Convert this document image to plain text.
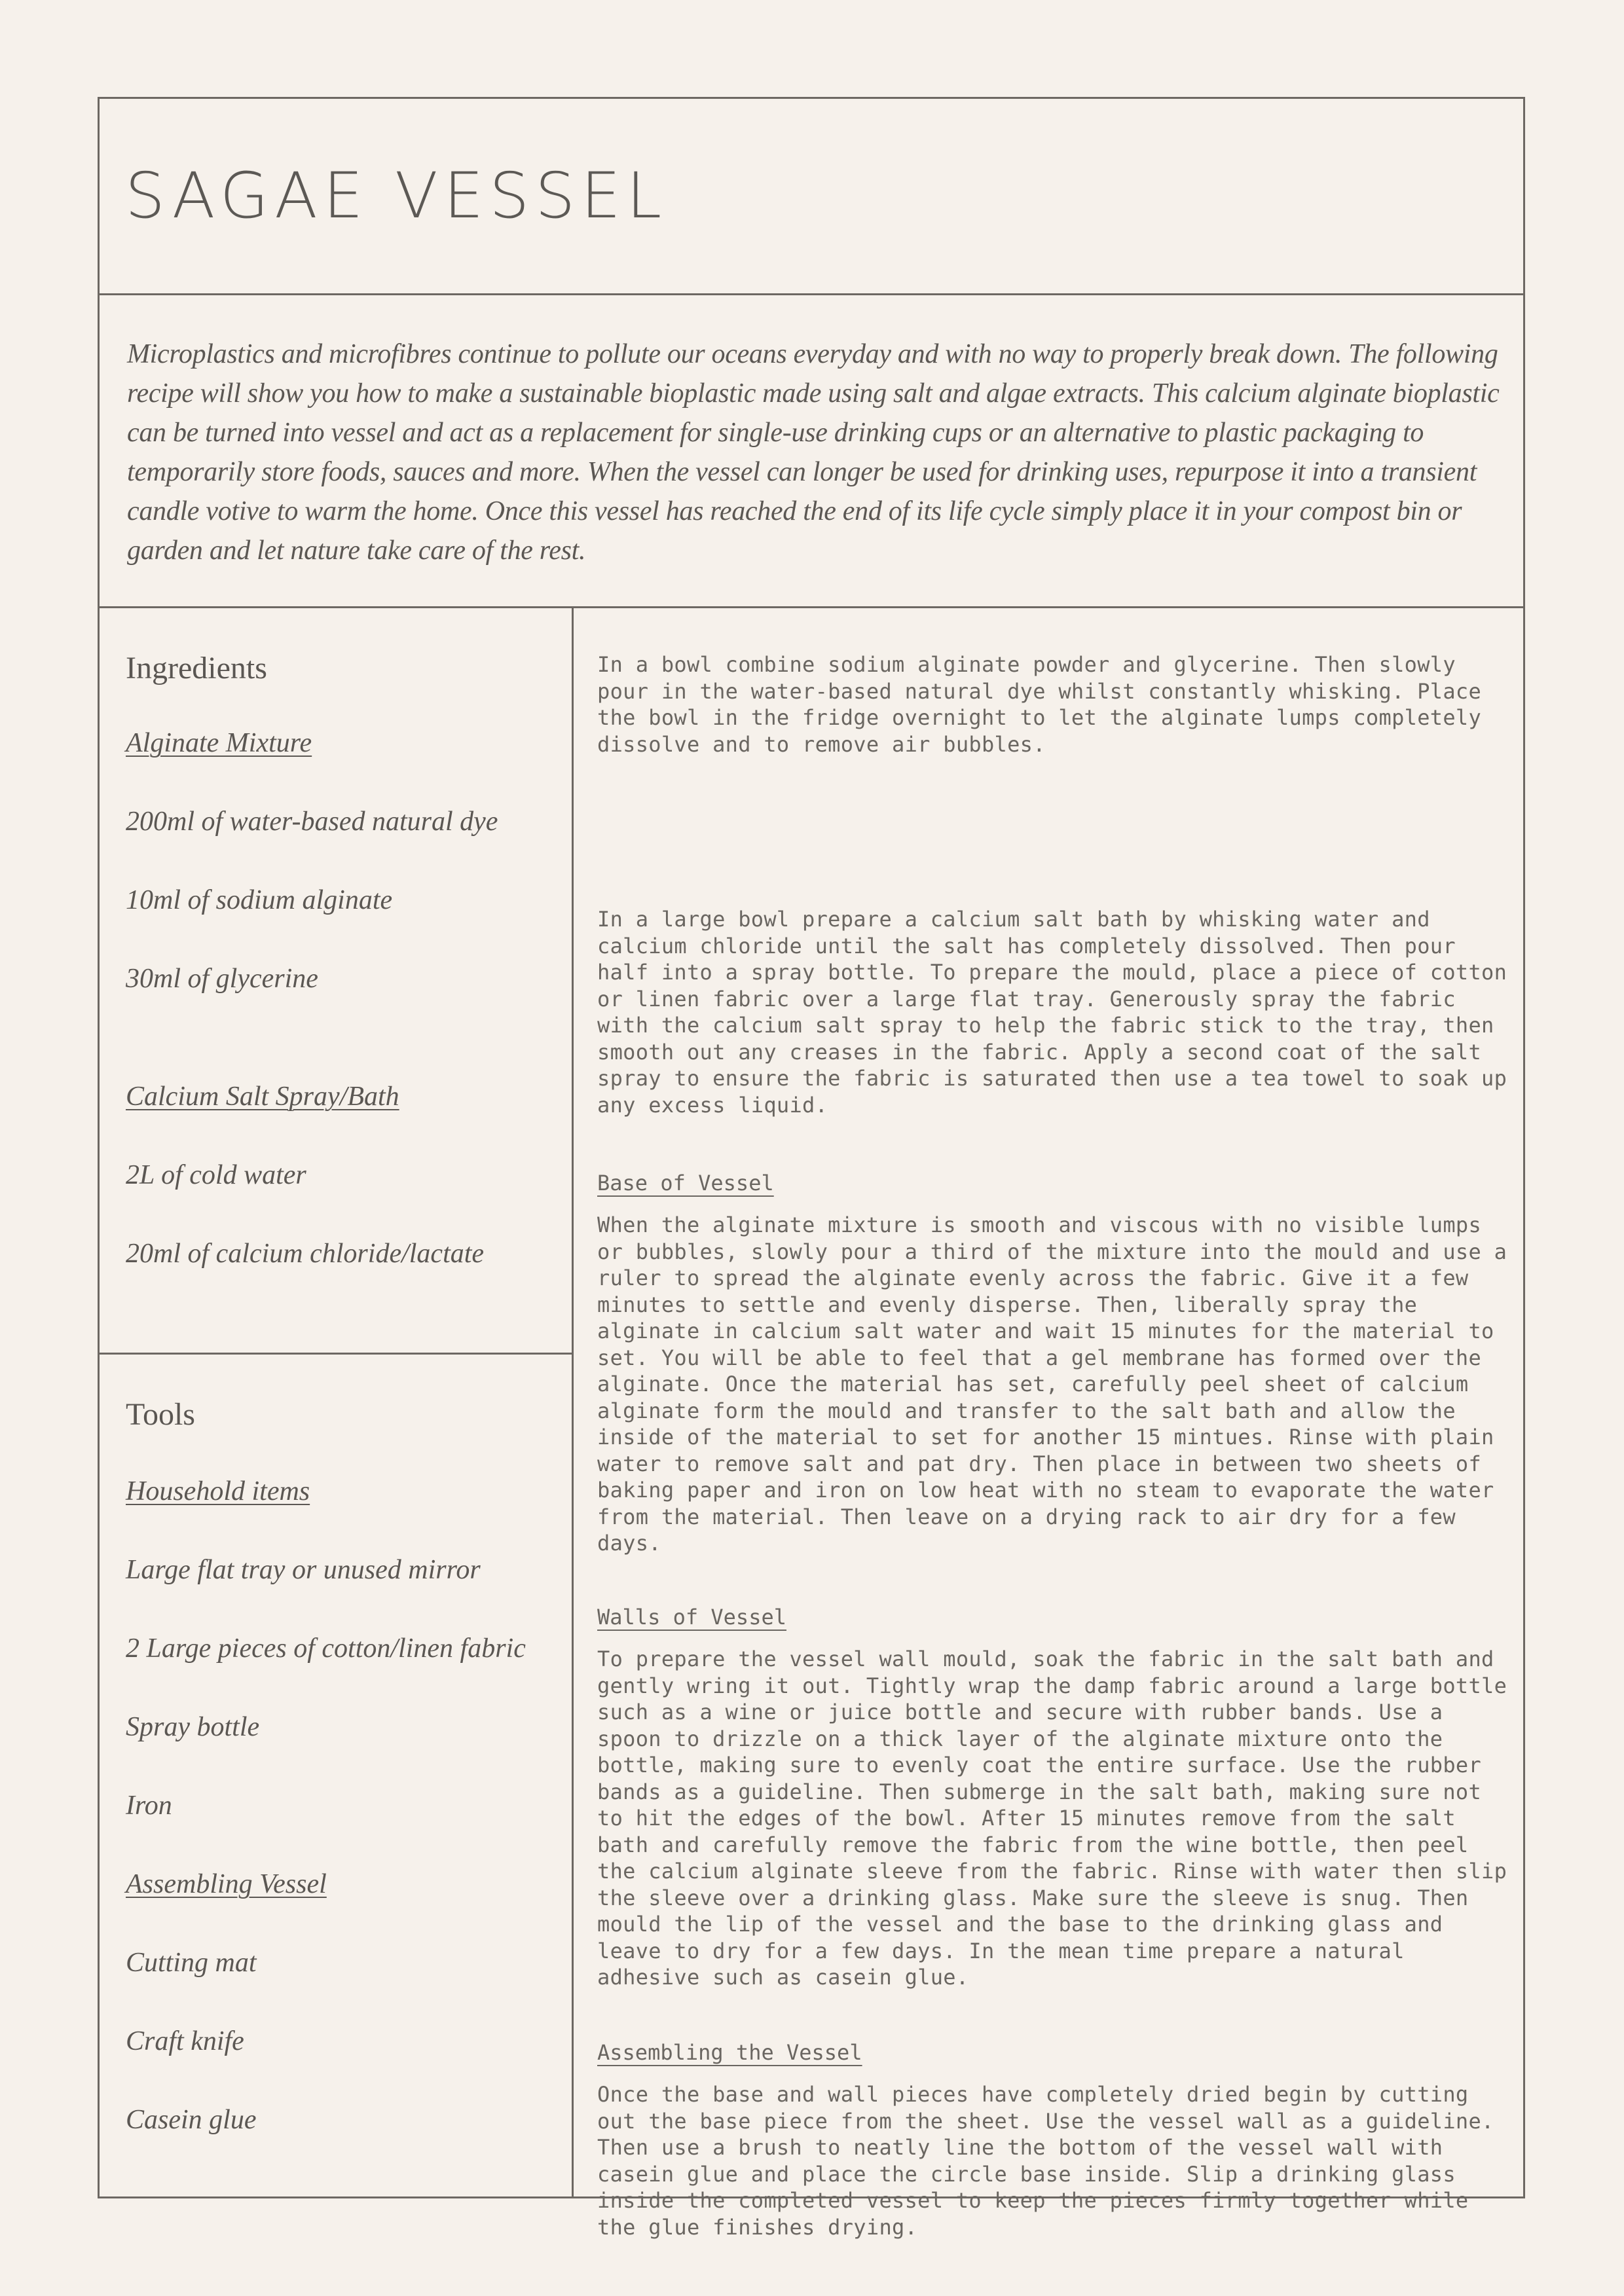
SAGAE VESSEL

Microplastics and microfibres continue to pollute our oceans everyday and with no way to properly break down. The following recipe will show you how to make a sustainable bioplastic made using salt and algae extracts. This calcium alginate bioplastic can be turned into vessel and act as a replacement for single-use drinking cups or an alternative to plastic packaging to temporarily store foods, sauces and more. When the vessel can longer be used for drinking uses, repurpose it into a transient candle votive to warm the home. Once this vessel has reached the end of its life cycle simply place it in your compost bin or garden and let nature take care of the rest.

Ingredients
Alginate Mixture
200ml of water-based natural dye
10ml of sodium alginate
30ml of glycerine
Calcium Salt Spray/Bath
2L of cold water
20ml of calcium chloride/lactate
Tools
Household items
Large flat tray or unused mirror
2 Large pieces of cotton/linen fabric
Spray bottle
Iron
Assembling Vessel
Cutting mat
Craft knife
Casein glue

In a bowl combine sodium alginate powder and glycerine. Then slowly pour in the water-based natural dye whilst constantly whisking. Place the bowl in the fridge overnight to let the alginate lumps completely dissolve and to remove air bubbles.

In a large bowl prepare a calcium salt bath by whisking water and calcium chloride until the salt has completely dissolved. Then pour half into a spray bottle. To prepare the mould, place a piece of cotton or linen fabric over a large flat tray. Generously spray the fabric with the calcium salt spray to help the fabric stick to the tray, then smooth out any creases in the fabric. Apply a second coat of the salt spray to ensure the fabric is saturated then use a tea towel to soak up any excess liquid.

Base of Vessel

When the alginate mixture is smooth and viscous with no visible lumps or bubbles, slowly pour a third of the mixture into the mould and use a ruler to spread the alginate evenly across the fabric. Give it a few minutes to settle and evenly disperse. Then, liberally spray the alginate in calcium salt water and wait 15 minutes for the material to set. You will be able to feel that a gel membrane has formed over the alginate. Once the material has set, carefully peel sheet of calcium alginate form the mould and transfer to the salt bath and allow the inside of the material to set for another 15 mintues. Rinse with plain water to remove salt and pat dry. Then place in between two sheets of baking paper and iron on low heat with no steam to evaporate the water from the material. Then leave on a drying rack to air dry for a few days.

Walls of Vessel

To prepare the vessel wall mould, soak the fabric in the salt bath and gently wring it out. Tightly wrap the damp fabric around a large bottle such as a wine or juice bottle and secure with rubber bands. Use a spoon to drizzle on a thick layer of the alginate mixture onto the bottle, making sure to evenly coat the entire surface. Use the rubber bands as a guideline. Then submerge in the salt bath, making sure not to hit the edges of the bowl. After 15 minutes remove from the salt bath and carefully remove the fabric from the wine bottle, then peel the calcium alginate sleeve from the fabric. Rinse with water then slip the sleeve over a drinking glass. Make sure the sleeve is snug. Then mould the lip of the vessel and the base to the drinking glass and leave to dry for a few days. In the mean time prepare a natural adhesive such as casein glue.

Assembling the Vessel

Once the base and wall pieces have completely dried begin by cutting out the base piece from the sheet. Use the vessel wall as a guideline. Then use a brush to neatly line the bottom of the vessel wall with casein glue and place the circle base inside. Slip a drinking glass inside the completed vessel to keep the pieces firmly together while the glue finishes drying.
